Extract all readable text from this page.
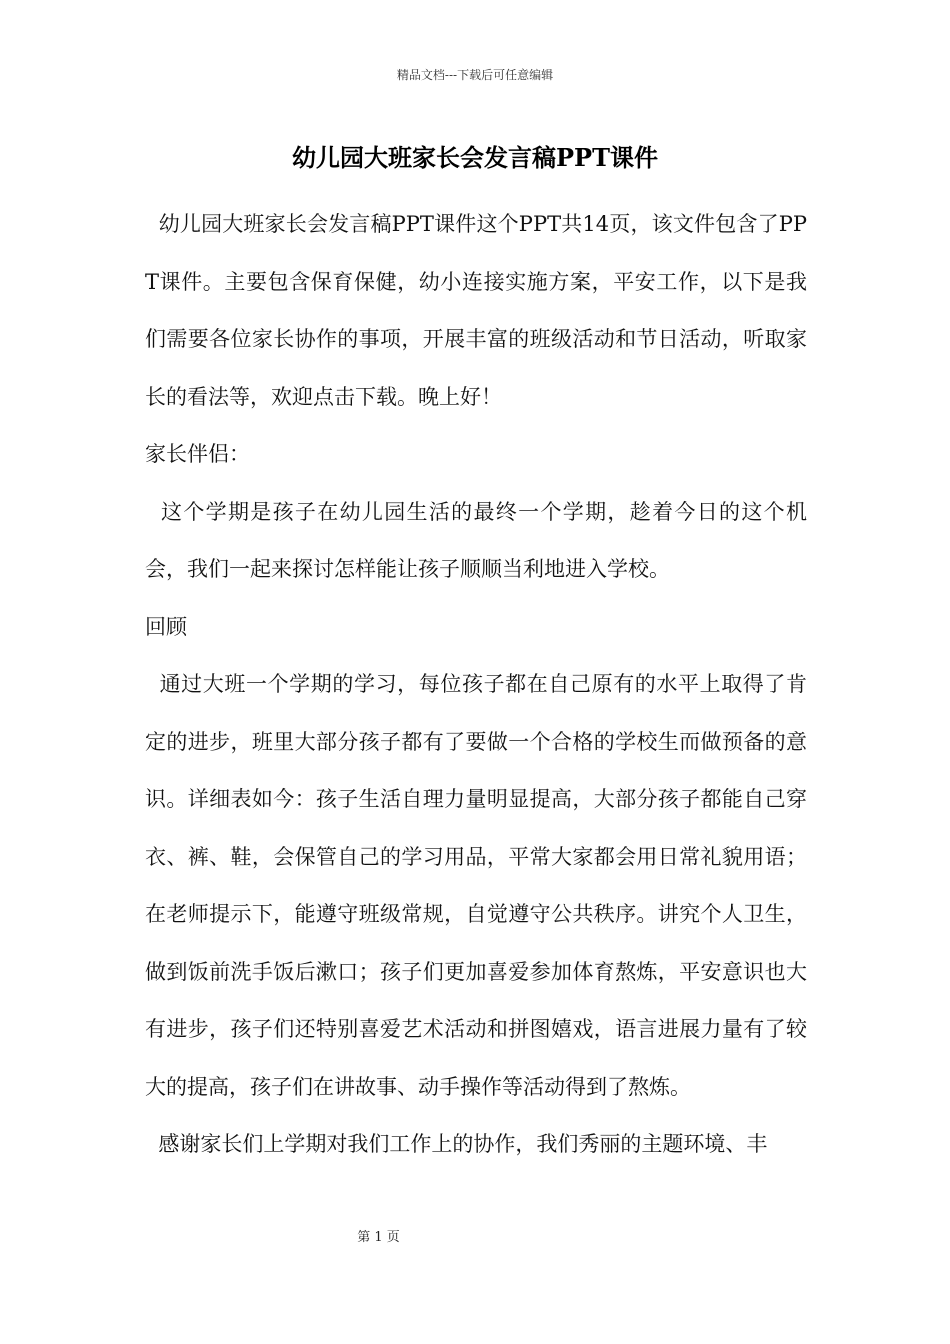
精品文档---下载后可任意编辑
幼儿园大班家长会发言稿PPT课件

幼儿园大班家长会发言稿PPT课件这个PPT共14页，该文件包含了PPT课件。主要包含保育保健，幼小连接实施方案，平安工作，以下是我们需要各位家长协作的事项，开展丰富的班级活动和节日活动，听取家长的看法等，欢迎点击下载。晚上好！

家长伴侣：

这个学期是孩子在幼儿园生活的最终一个学期，趁着今日的这个机会，我们一起来探讨怎样能让孩子顺顺当利地进入学校。

回顾

通过大班一个学期的学习，每位孩子都在自己原有的水平上取得了肯定的进步，班里大部分孩子都有了要做一个合格的学校生而做预备的意识。详细表如今：孩子生活自理力量明显提高，大部分孩子都能自己穿衣、裤、鞋，会保管自己的学习用品，平常大家都会用日常礼貌用语；在老师提示下，能遵守班级常规，自觉遵守公共秩序。讲究个人卫生，做到饭前洗手饭后漱口；孩子们更加喜爱参加体育熬炼，平安意识也大有进步，孩子们还特别喜爱艺术活动和拼图嬉戏，语言进展力量有了较大的提高，孩子们在讲故事、动手操作等活动得到了熬炼。

感谢家长们上学期对我们工作上的协作，我们秀丽的主题环境、丰

第 1 页
